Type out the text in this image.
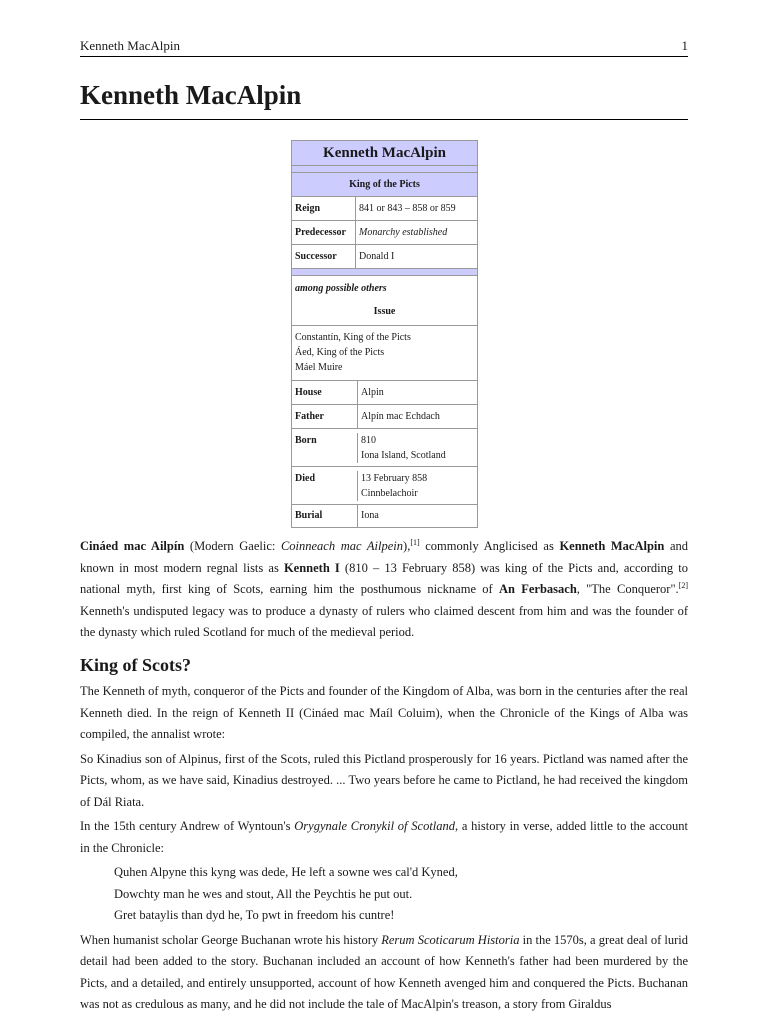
Kenneth MacAlpin	1
Kenneth MacAlpin
Kenneth MacAlpin
King of the Picts
Reign	841 or 843 – 858 or 859
Predecessor	Monarchy established
Successor	Donald I
among possible others
Issue
Constantín, King of the Picts
Áed, King of the Picts
Máel Muire
House	Alpin
Father	Alpín mac Echdach
Born	810
Iona Island, Scotland
Died	13 February 858
Cinnbelachoir
Burial	Iona

Cináed mac Ailpín (Modern Gaelic: Coinneach mac Ailpein),[1] commonly Anglicised as Kenneth MacAlpin and known in most modern regnal lists as Kenneth I (810 – 13 February 858) was king of the Picts and, according to national myth, first king of Scots, earning him the posthumous nickname of An Ferbasach, "The Conqueror".[2] Kenneth's undisputed legacy was to produce a dynasty of rulers who claimed descent from him and was the founder of the dynasty which ruled Scotland for much of the medieval period.

King of Scots?

The Kenneth of myth, conqueror of the Picts and founder of the Kingdom of Alba, was born in the centuries after the real Kenneth died. In the reign of Kenneth II (Cináed mac Maíl Coluim), when the Chronicle of the Kings of Alba was compiled, the annalist wrote:

So Kinadius son of Alpinus, first of the Scots, ruled this Pictland prosperously for 16 years. Pictland was named after the Picts, whom, as we have said, Kinadius destroyed. ... Two years before he came to Pictland, he had received the kingdom of Dál Riata.

In the 15th century Andrew of Wyntoun's Orygynale Cronykil of Scotland, a history in verse, added little to the account in the Chronicle:

Quhen Alpyne this kyng was dede, He left a sowne wes cal'd Kyned,
Dowchty man he wes and stout, All the Peychtis he put out.
Gret bataylis than dyd he, To pwt in freedom his cuntre!

When humanist scholar George Buchanan wrote his history Rerum Scoticarum Historia in the 1570s, a great deal of lurid detail had been added to the story. Buchanan included an account of how Kenneth's father had been murdered by the Picts, and a detailed, and entirely unsupported, account of how Kenneth avenged him and conquered the Picts. Buchanan was not as credulous as many, and he did not include the tale of MacAlpin's treason, a story from Giraldus
